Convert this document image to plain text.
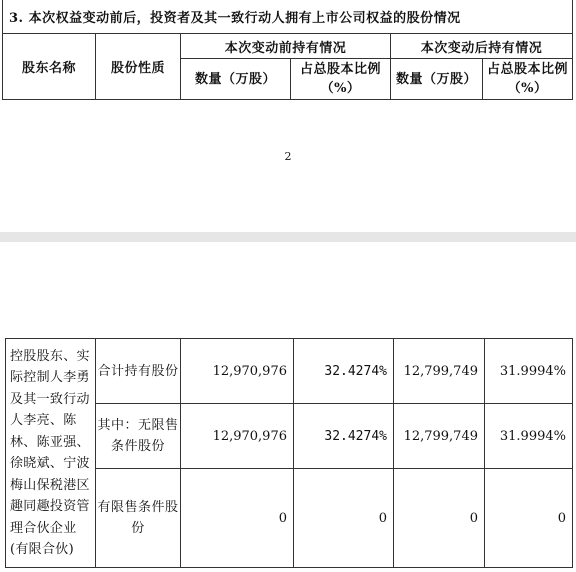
3. 本次权益变动前后，投资者及其一致行动人拥有上市公司权益的股份情况					
股东名称	股份性质	本次变动前持有情况		本次变动后持有情况	
		数量（万股）	占总股本比例（%）	数量（万股）	占总股本比例（%）
2
控股股东、实际控制人李勇及其一致行动人李亮、陈林、陈亚强、徐晓斌、宁波梅山保税港区趣同趣投资管理合伙企业(有限合伙)	合计持有股份	12,970,976	32.4274%	12,799,749	31.9994%
	其中：无限售条件股份	12,970,976	32.4274%	12,799,749	31.9994%
	有限售条件股份	0	0	0	0
